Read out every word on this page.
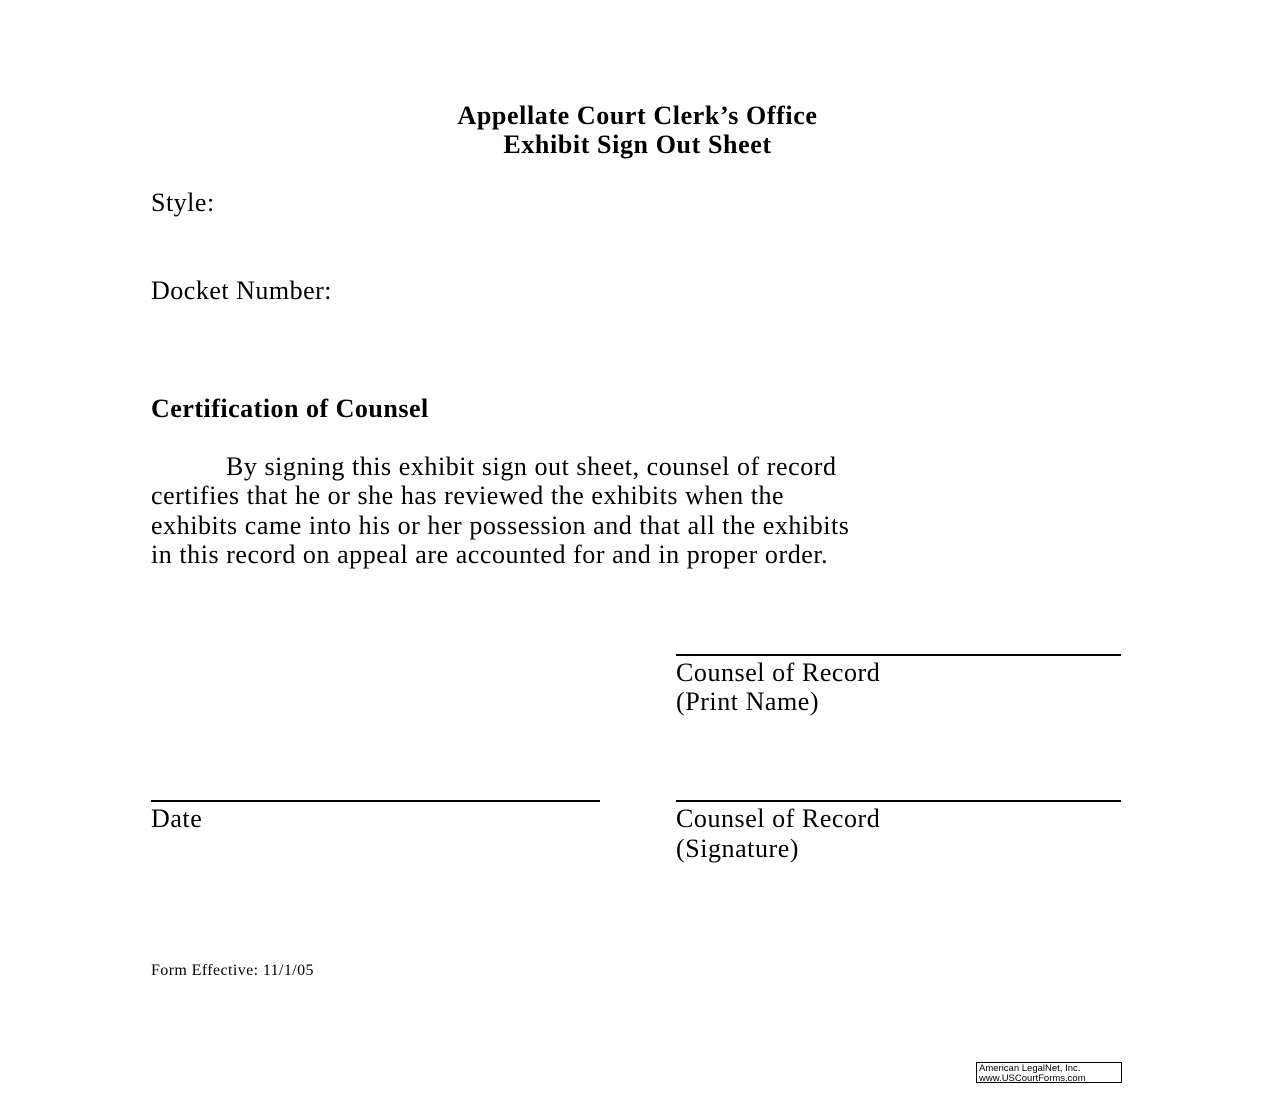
Appellate Court Clerk’s Office
Exhibit Sign Out Sheet
Style:
Docket Number:
Certification of Counsel
By signing this exhibit sign out sheet, counsel of record
certifies that he or she has reviewed the exhibits when the
exhibits came into his or her possession and that all the exhibits
in this record on appeal are accounted for and in proper order.
Counsel of Record
(Print Name)
Date	Counsel of Record
(Signature)
Form Effective: 11/1/05
American LegalNet, Inc.
www.USCourtForms.com
